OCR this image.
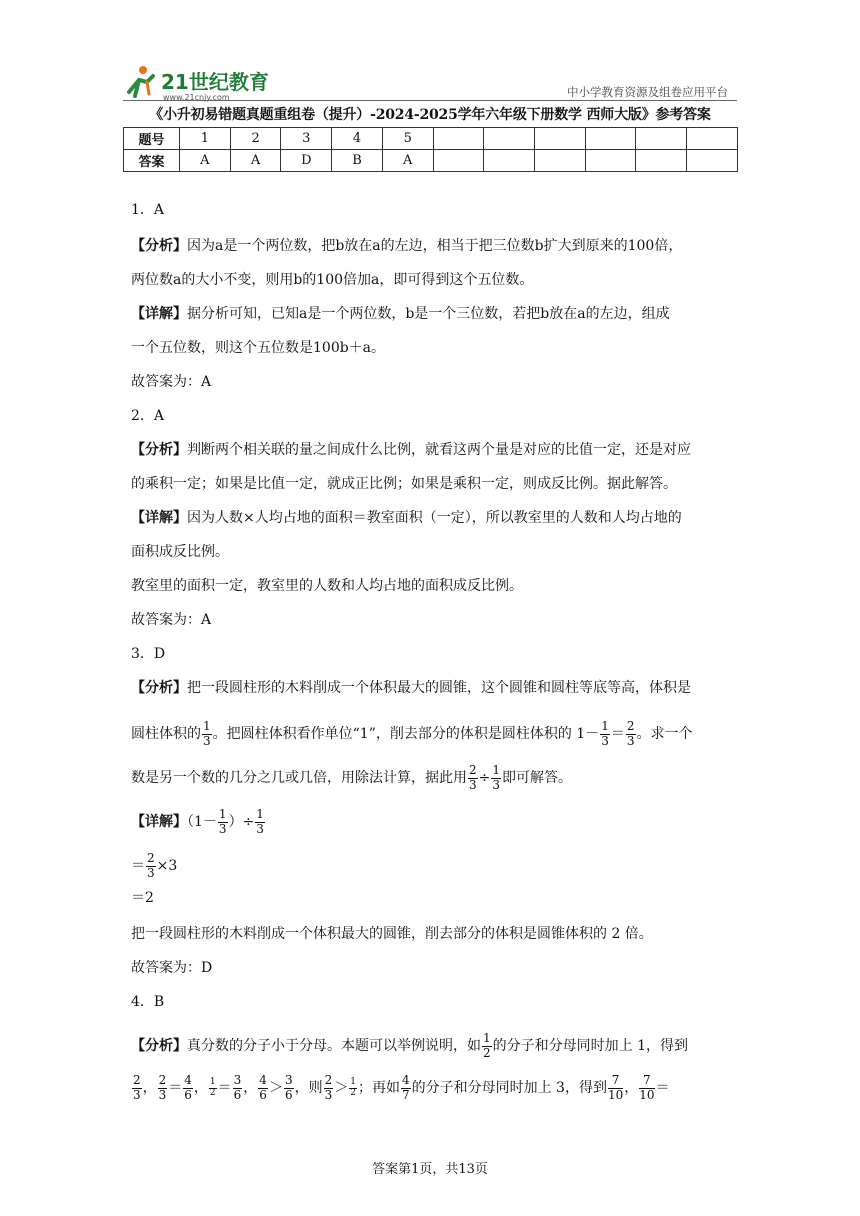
21世纪教育
www.21cnjy.com	中小学教育资源及组卷应用平台
《小升初易错题真题重组卷（提升）-2024-2025学年六年级下册数学 西师大版》参考答案
题号	1	2	3	4	5						
答案	A	A	D	B	A						

1．A

【分析】因为a是一个两位数，把b放在a的左边，相当于把三位数b扩大到原来的100倍，

两位数a的大小不变，则用b的100倍加a，即可得到这个五位数。

【详解】据分析可知，已知a是一个两位数，b是一个三位数，若把b放在a的左边，组成

一个五位数，则这个五位数是100b＋a。

故答案为：A

2．A

【分析】判断两个相关联的量之间成什么比例，就看这两个量是对应的比值一定，还是对应

的乘积一定；如果是比值一定，就成正比例；如果是乘积一定，则成反比例。据此解答。

【详解】因为人数×人均占地的面积＝教室面积（一定），所以教室里的人数和人均占地的

面积成反比例。

教室里的面积一定，教室里的人数和人均占地的面积成反比例。

故答案为：A

3．D

【分析】把一段圆柱形的木料削成一个体积最大的圆锥，这个圆锥和圆柱等底等高，体积是

圆柱体积的 $\frac{1}{3}$ 。把圆柱体积看作单位“1”，削去部分的体积是圆柱体积的 $1- \frac{1}{3} = \frac{2}{3}$ 。求一个

数是另一个数的几分之几或几倍，用除法计算，据此用 $\frac{2}{3} \div \frac{1}{3}$ 即可解答。

【详解】（$1- \frac{1}{3}$ ）÷ $\frac{1}{3}$

＝ $\frac{2}{3} \times 3$

＝2

把一段圆柱形的木料削成一个体积最大的圆锥，削去部分的体积是圆锥体积的 2 倍。

故答案为：D

4．B

【分析】真分数的分子小于分母。本题可以举例说明，如 $\frac{1}{2}$ 的分子和分母同时加上 1，得到

$\frac{2}{3}$ ， $\frac{2}{3} = \frac{4}{6}$ ， $\frac{1}{2} = \frac{3}{6}$ ， $\frac{4}{6} > \frac{3}{6}$ ，则 $\frac{2}{3} > \frac{1}{2}$ ；再如 $\frac{4}{7}$ 的分子和分母同时加上 3，得到 $\frac{7}{10}$ ， $\frac{7}{10}$ ＝

答案第1页，共13页
